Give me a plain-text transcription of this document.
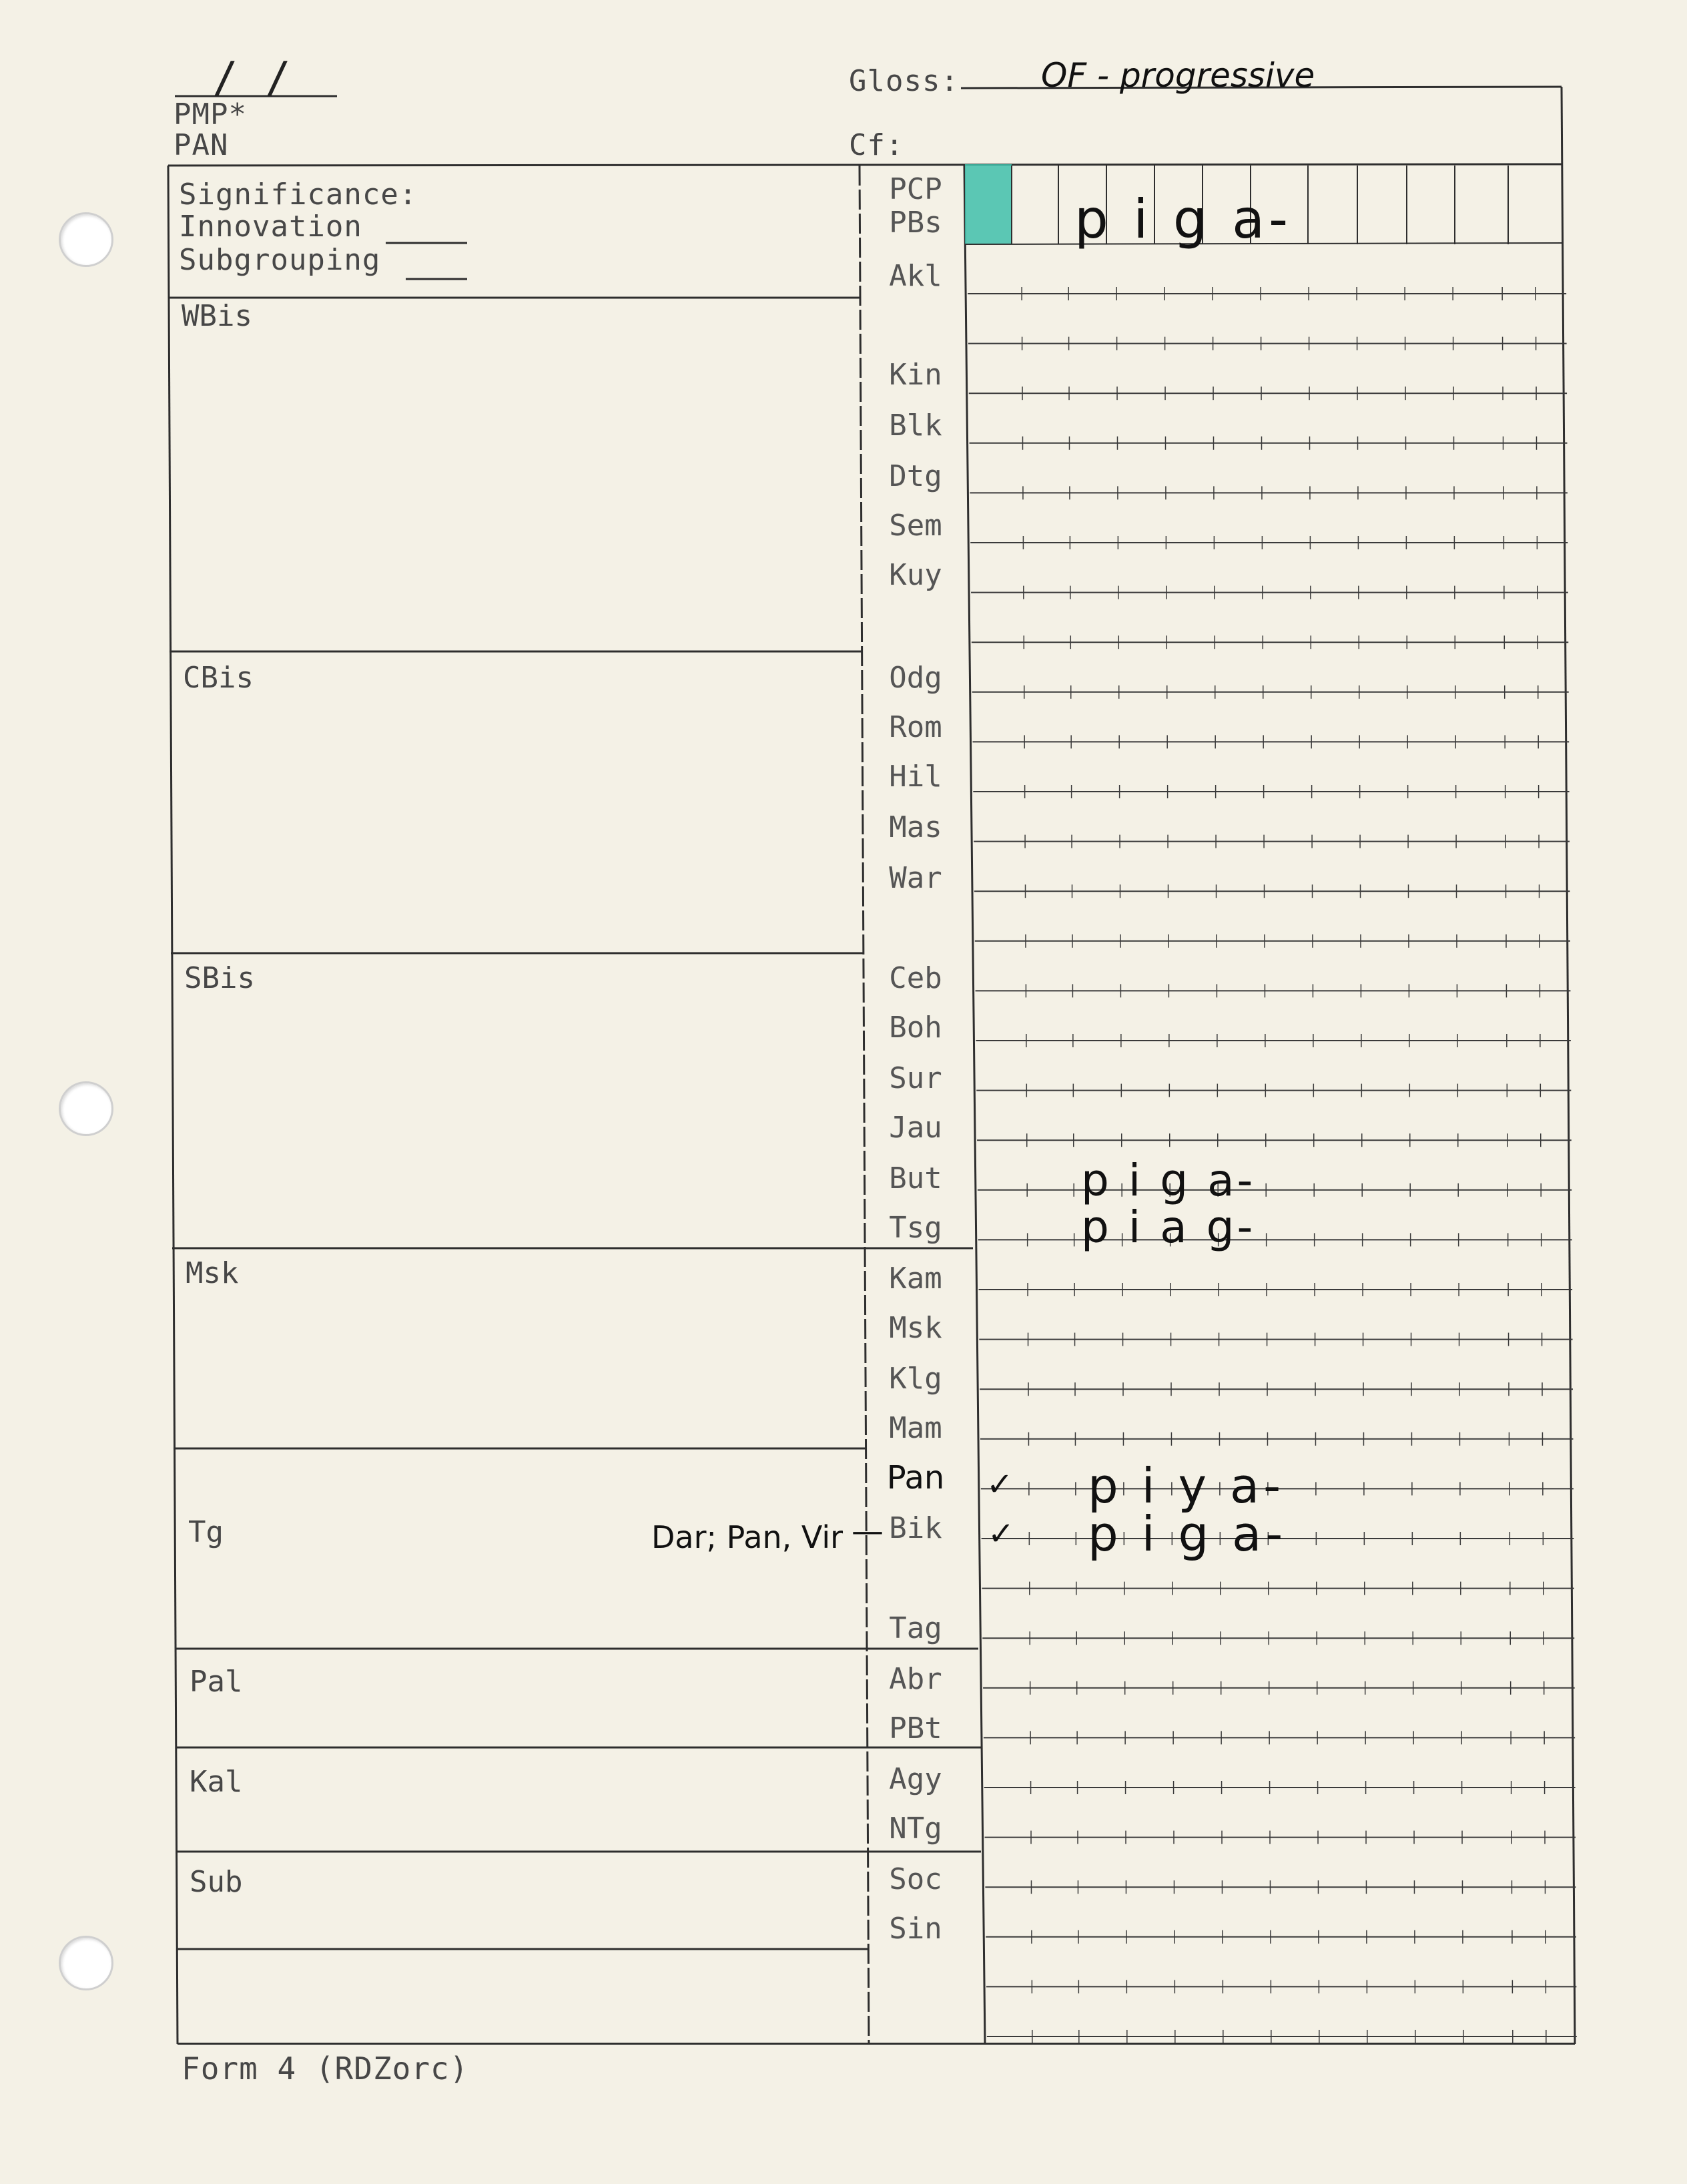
/ /
PMP*
PAN
Gloss: OF - progressive
Cf:
Significance:
Innovation
Subgrouping
WBis
CBis
SBis
Msk
Tg
Pal
Kal
Sub
PCP
PBs
Akl
Kin
Blk
Dtg
Sem
Kuy
Odg
Rom
Hil
Mas
War
Ceb
Boh
Sur
Jau
But
Tsg
Kam
Msk
Klg
Mam
Pan
Bik
Tag
Abr
PBt
Agy
NTg
Soc
Sin
p i g a-
p i g a-
p i a g-
✓ p i y a-
✓ p i g a-
Dar; Pan, Vir —
Form 4 (RDZorc)
